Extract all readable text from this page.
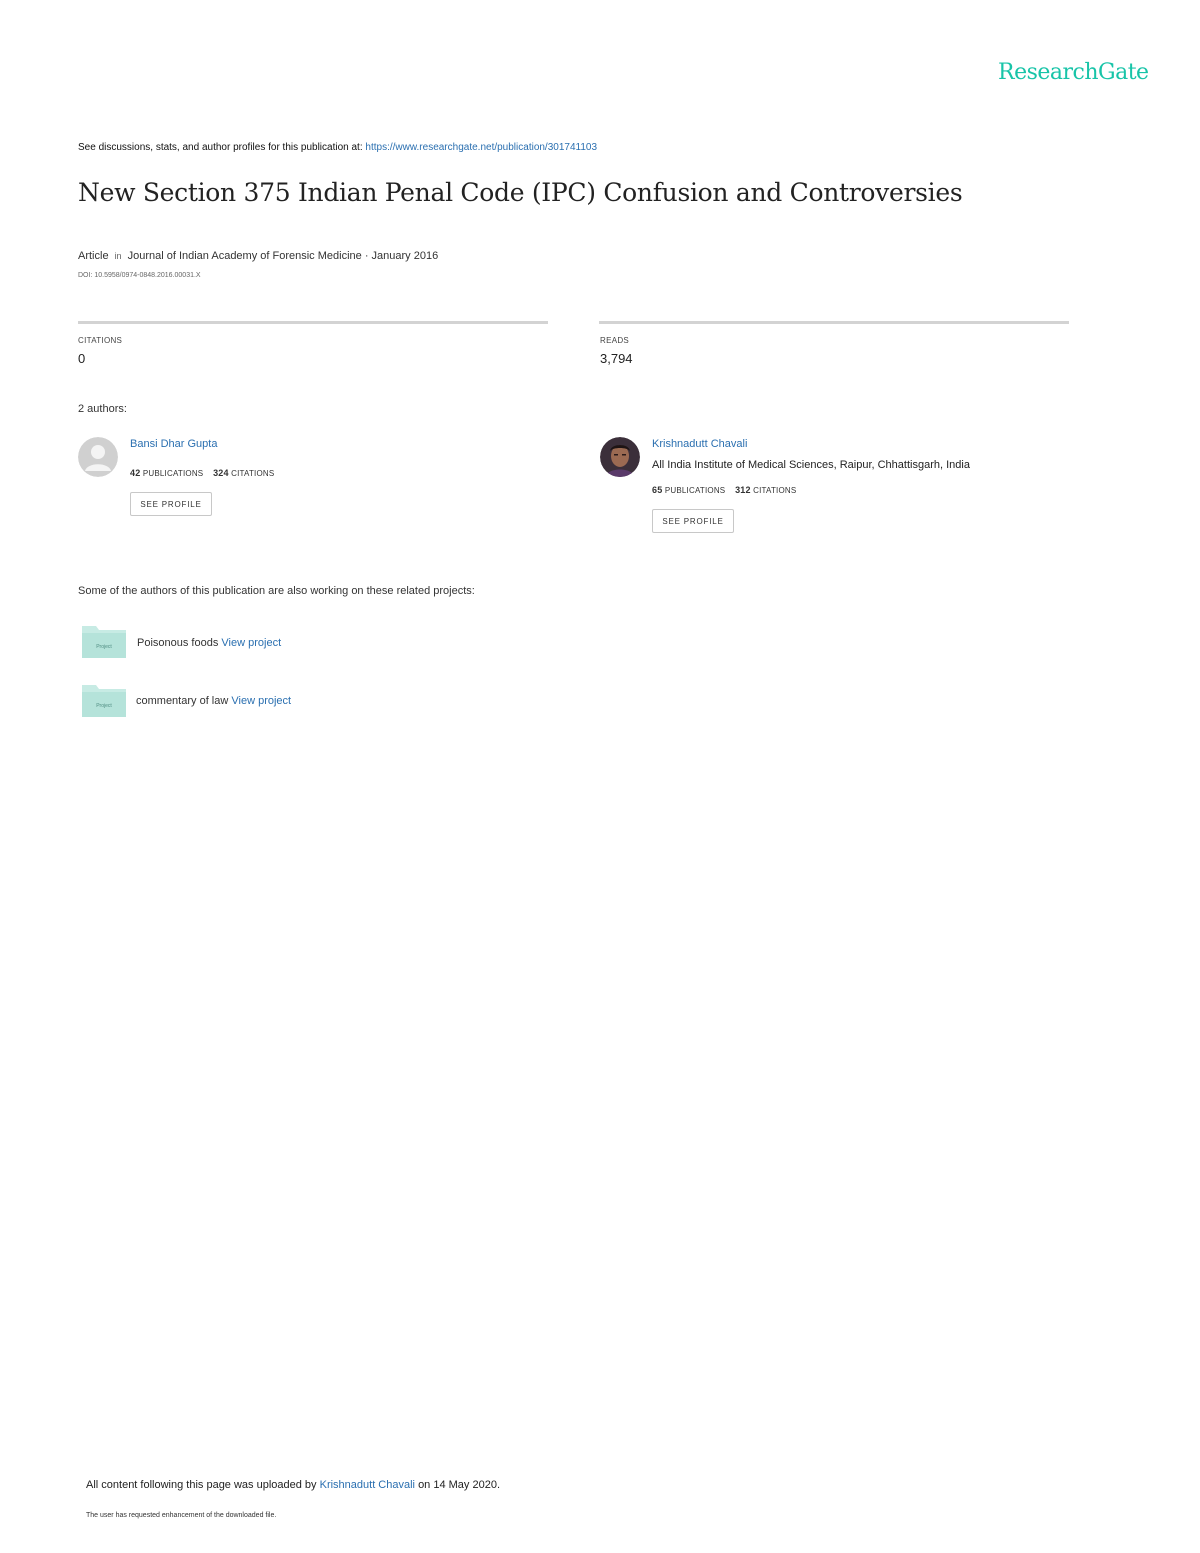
ResearchGate
See discussions, stats, and author profiles for this publication at: https://www.researchgate.net/publication/301741103
New Section 375 Indian Penal Code (IPC) Confusion and Controversies
Article in Journal of Indian Academy of Forensic Medicine · January 2016
DOI: 10.5958/0974-0848.2016.00031.X
CITATIONS
0
READS
3,794
2 authors:
Bansi Dhar Gupta
42 PUBLICATIONS 324 CITATIONS
SEE PROFILE
Krishnadutt Chavali
All India Institute of Medical Sciences, Raipur, Chhattisgarh, India
65 PUBLICATIONS 312 CITATIONS
SEE PROFILE
Some of the authors of this publication are also working on these related projects:
Project Poisonous foods View project
Project commentary of law View project
All content following this page was uploaded by Krishnadutt Chavali on 14 May 2020.
The user has requested enhancement of the downloaded file.
